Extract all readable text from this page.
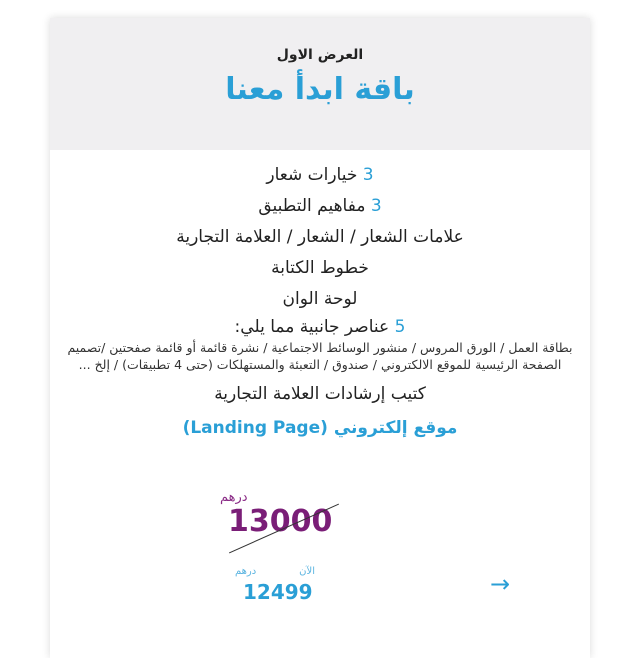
العرض الاول
باقة ابدأ معنا
3 خيارات شعار
3 مفاهيم التطبيق
علامات الشعار / الشعار / العلامة التجارية
خطوط الكتابة
لوحة الوان
5 عناصر جانبية مما يلي:
بطاقة العمل / الورق المروس / منشور الوسائط الاجتماعية / نشرة قائمة أو قائمة صفحتين /تصميم الصفحة الرئيسية للموقع الالكتروني / صندوق / التعبئة والمستهلكات (حتى 4 تطبيقات) / إلخ ...
كتيب إرشادات العلامة التجارية
موقع إلكتروني (Landing Page)
درهم
13000
درهم	الآن
12499	→
